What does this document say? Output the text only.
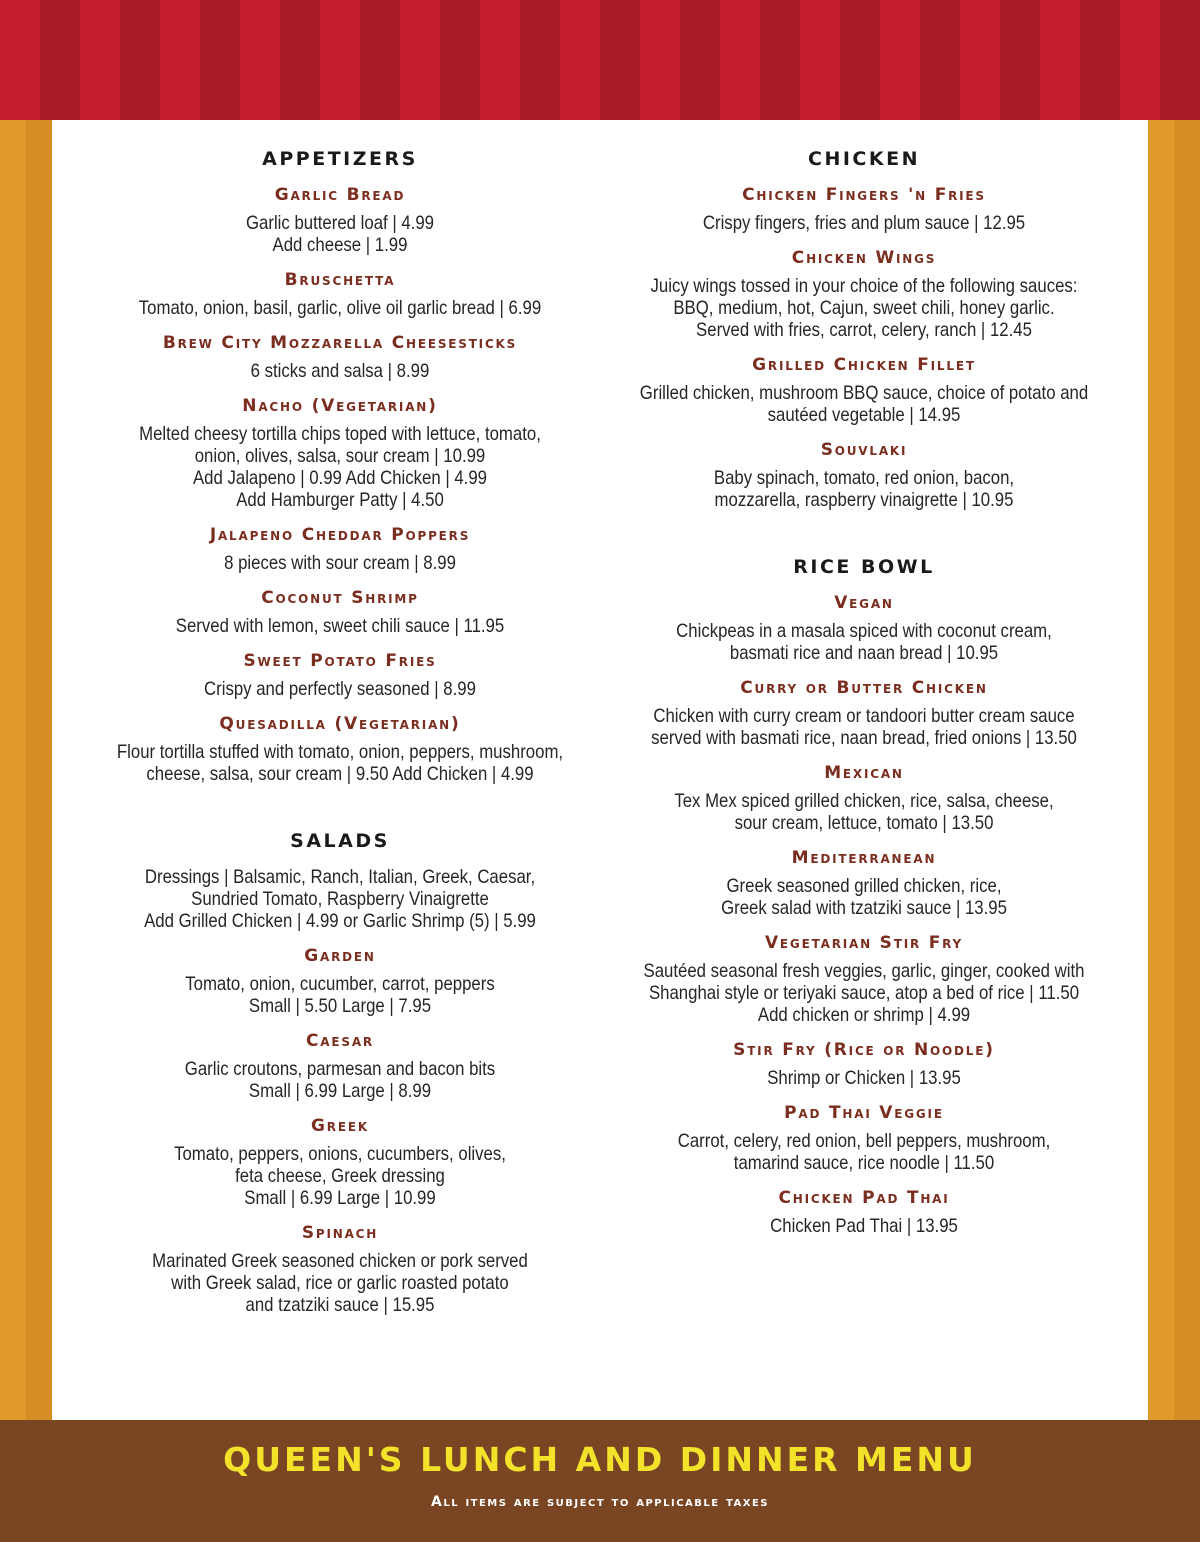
APPETIZERS
Garlic Bread
Garlic buttered loaf | 4.99
Add cheese | 1.99
Bruschetta
Tomato, onion, basil, garlic, olive oil garlic bread | 6.99
Brew City Mozzarella Cheesesticks
6 sticks and salsa | 8.99
Nacho (Vegetarian)
Melted cheesy tortilla chips toped with lettuce, tomato,
onion, olives, salsa, sour cream | 10.99
Add Jalapeno | 0.99 Add Chicken | 4.99
Add Hamburger Patty | 4.50
Jalapeno Cheddar Poppers
8 pieces with sour cream | 8.99
Coconut Shrimp
Served with lemon, sweet chili sauce | 11.95
Sweet Potato Fries
Crispy and perfectly seasoned | 8.99
Quesadilla (Vegetarian)
Flour tortilla stuffed with tomato, onion, peppers, mushroom,
cheese, salsa, sour cream | 9.50 Add Chicken | 4.99
SALADS
Dressings | Balsamic, Ranch, Italian, Greek, Caesar,
Sundried Tomato, Raspberry Vinaigrette
Add Grilled Chicken | 4.99 or Garlic Shrimp (5) | 5.99
Garden
Tomato, onion, cucumber, carrot, peppers
Small | 5.50 Large | 7.95
Caesar
Garlic croutons, parmesan and bacon bits
Small | 6.99 Large | 8.99
Greek
Tomato, peppers, onions, cucumbers, olives,
feta cheese, Greek dressing
Small | 6.99 Large | 10.99
Spinach
Marinated Greek seasoned chicken or pork served
with Greek salad, rice or garlic roasted potato
and tzatziki sauce | 15.95
CHICKEN
Chicken Fingers 'n Fries
Crispy fingers, fries and plum sauce | 12.95
Chicken Wings
Juicy wings tossed in your choice of the following sauces:
BBQ, medium, hot, Cajun, sweet chili, honey garlic.
Served with fries, carrot, celery, ranch | 12.45
Grilled Chicken Fillet
Grilled chicken, mushroom BBQ sauce, choice of potato and
sautéed vegetable | 14.95
Souvlaki
Baby spinach, tomato, red onion, bacon,
mozzarella, raspberry vinaigrette | 10.95
RICE BOWL
Vegan
Chickpeas in a masala spiced with coconut cream,
basmati rice and naan bread | 10.95
Curry or Butter Chicken
Chicken with curry cream or tandoori butter cream sauce
served with basmati rice, naan bread, fried onions | 13.50
Mexican
Tex Mex spiced grilled chicken, rice, salsa, cheese,
sour cream, lettuce, tomato | 13.50
Mediterranean
Greek seasoned grilled chicken, rice,
Greek salad with tzatziki sauce | 13.95
Vegetarian Stir Fry
Sautéed seasonal fresh veggies, garlic, ginger, cooked with
Shanghai style or teriyaki sauce, atop a bed of rice | 11.50
Add chicken or shrimp | 4.99
Stir Fry (Rice or Noodle)
Shrimp or Chicken | 13.95
Pad Thai Veggie
Carrot, celery, red onion, bell peppers, mushroom,
tamarind sauce, rice noodle | 11.50
Chicken Pad Thai
Chicken Pad Thai | 13.95
QUEEN'S LUNCH AND DINNER MENU
All items are subject to applicable taxes
